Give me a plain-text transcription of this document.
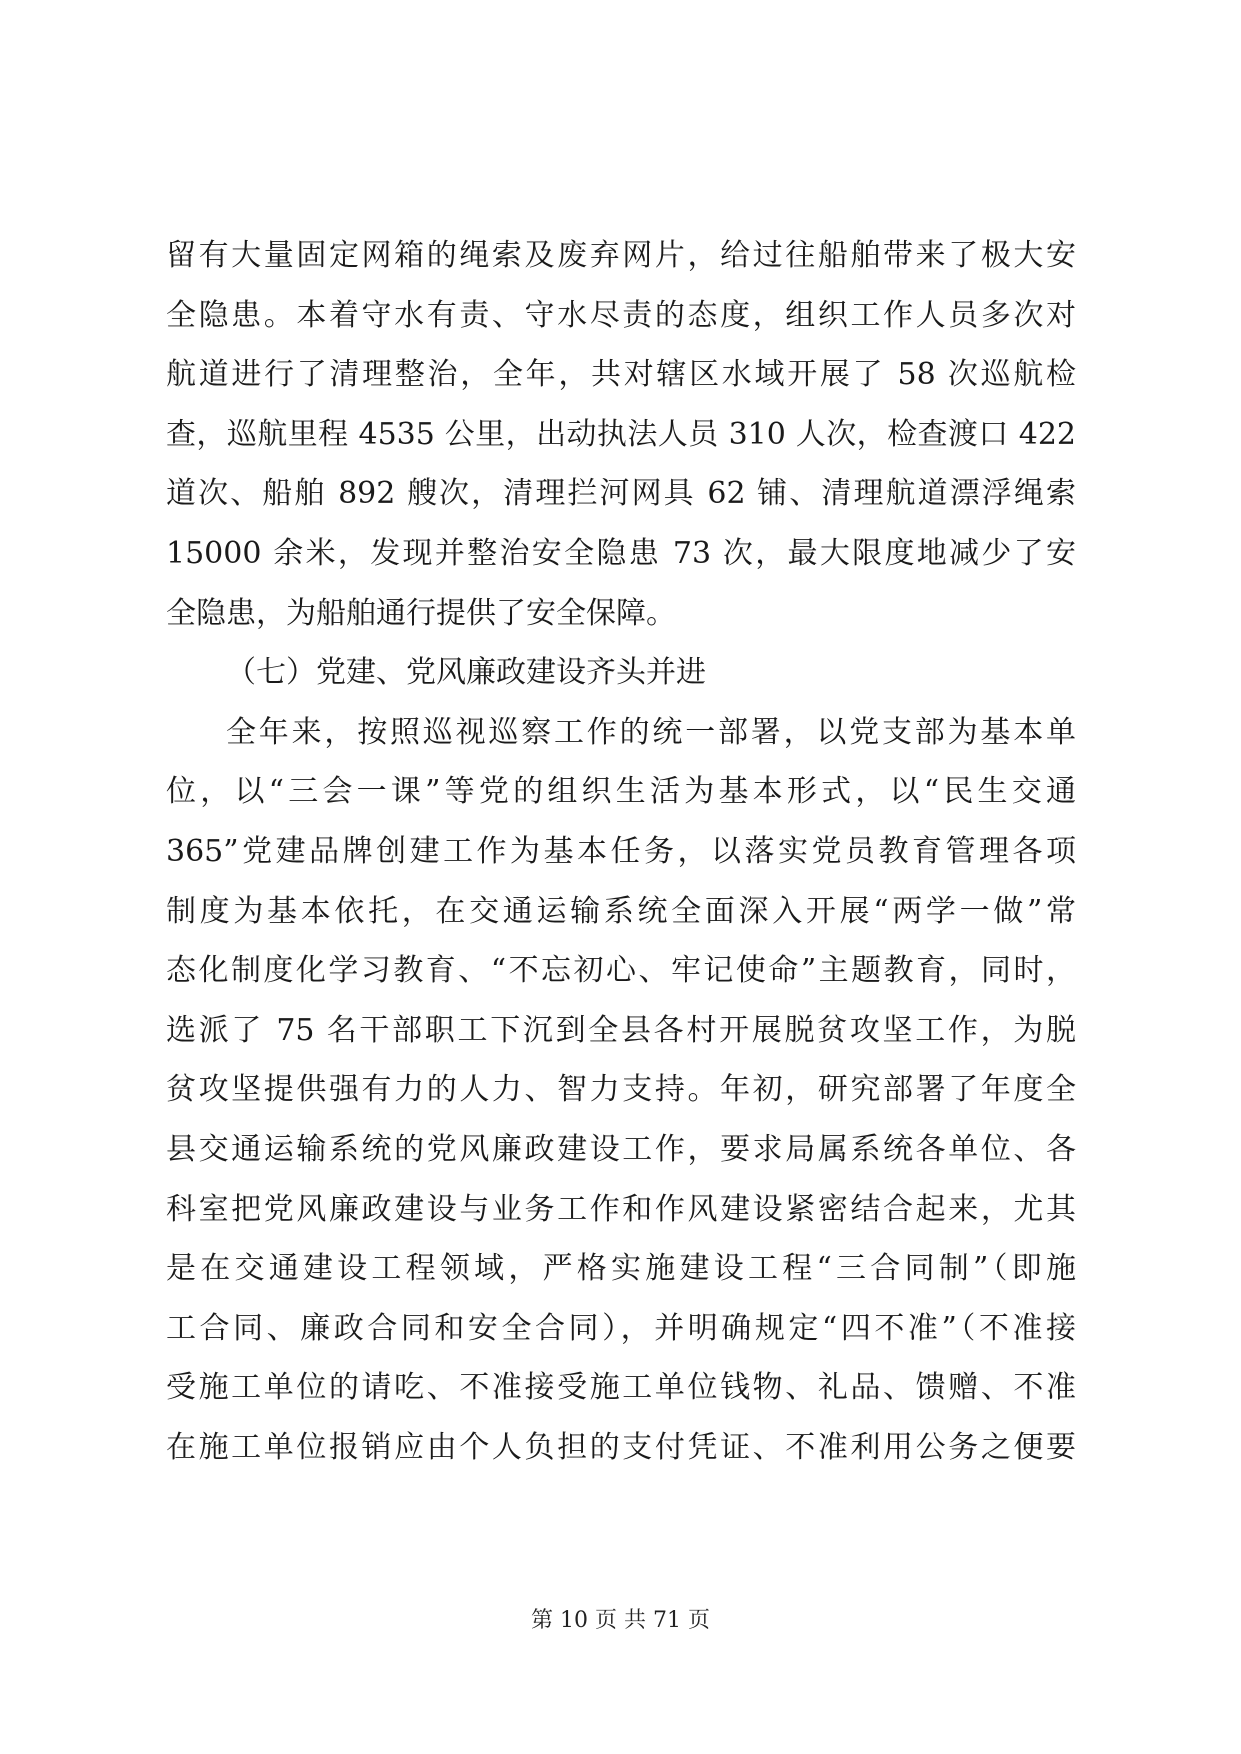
留有大量固定网箱的绳索及废弃网片，给过往船舶带来了极大安
全隐患。本着守水有责、守水尽责的态度，组织工作人员多次对
航道进行了清理整治，全年，共对辖区水域开展了 58 次巡航检
查，巡航里程 4535 公里，出动执法人员 310 人次，检查渡口 422
道次、船舶 892 艘次，清理拦河网具 62 铺、清理航道漂浮绳索
15000 余米，发现并整治安全隐患 73 次，最大限度地减少了安
全隐患，为船舶通行提供了安全保障。
（七）党建、党风廉政建设齐头并进
全年来，按照巡视巡察工作的统一部署，以党支部为基本单
位，以“三会一课”等党的组织生活为基本形式，以“民生交通
365”党建品牌创建工作为基本任务，以落实党员教育管理各项
制度为基本依托，在交通运输系统全面深入开展“两学一做”常
态化制度化学习教育、“不忘初心、牢记使命”主题教育，同时，
选派了 75 名干部职工下沉到全县各村开展脱贫攻坚工作，为脱
贫攻坚提供强有力的人力、智力支持。年初，研究部署了年度全
县交通运输系统的党风廉政建设工作，要求局属系统各单位、各
科室把党风廉政建设与业务工作和作风建设紧密结合起来，尤其
是在交通建设工程领域，严格实施建设工程“三合同制”（即施
工合同、廉政合同和安全合同），并明确规定“四不准”（不准接
受施工单位的请吃、不准接受施工单位钱物、礼品、馈赠、不准
在施工单位报销应由个人负担的支付凭证、不准利用公务之便要
第 10 页 共 71 页
